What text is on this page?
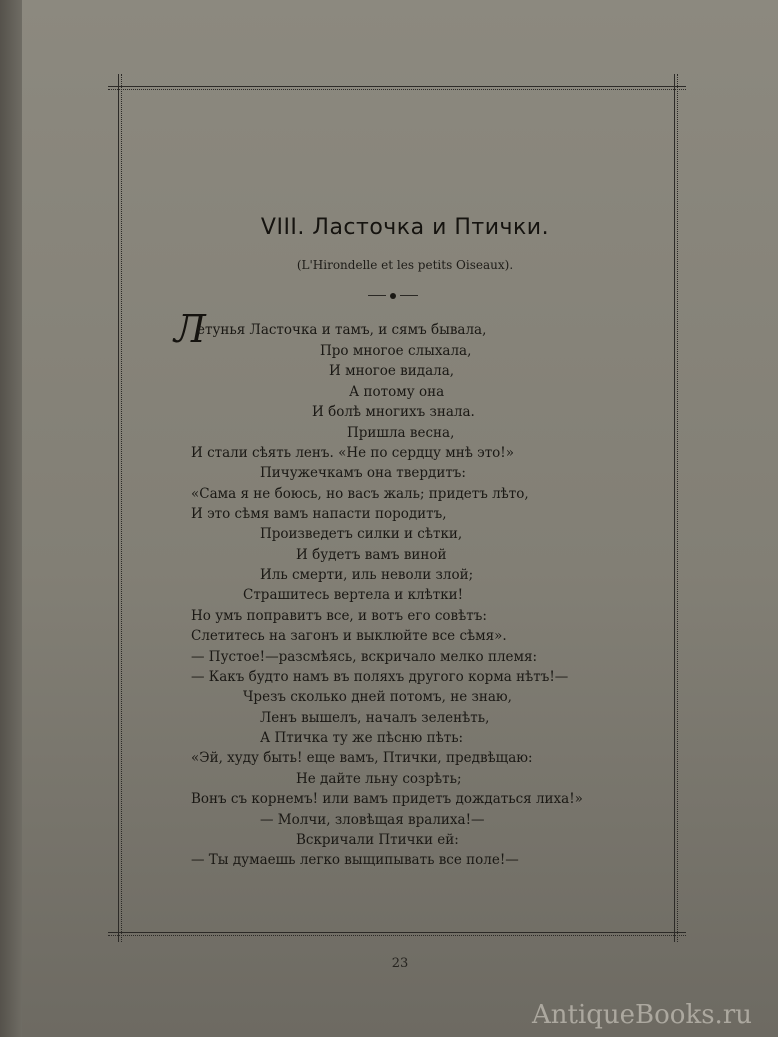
VIII. Ласточка и Птички.
(L'Hirondelle et les petits Oiseaux).
Л
етунья Ласточка и тамъ, и сямъ бывала,
Про многое слыхала,
И многое видала,
А потому она
И болѣ многихъ знала.
Пришла весна,
И стали сѣять ленъ. «Не по сердцу мнѣ это!»
Пичужечкамъ она твердитъ:
«Сама я не боюсь, но васъ жаль; придетъ лѣто,
И это сѣмя вамъ напасти породитъ,
Произведетъ силки и сѣтки,
И будетъ вамъ виной
Иль смерти, иль неволи злой;
Страшитесь вертела и клѣтки!
Но умъ поправитъ все, и вотъ его совѣтъ:
Слетитесь на загонъ и выклюйте все сѣмя».
— Пустое!—разсмѣясь, вскричало мелко племя:
— Какъ будто намъ въ поляхъ другого корма нѣтъ!—
Чрезъ сколько дней потомъ, не знаю,
Ленъ вышелъ, началъ зеленѣть,
А Птичка ту же пѣсню пѣть:
«Эй, худу быть! еще вамъ, Птички, предвѣщаю:
Не дайте льну созрѣть;
Вонъ съ корнемъ! или вамъ придетъ дождаться лиха!»
— Молчи, зловѣщая вралиха!—
Вскричали Птички ей:
— Ты думаешь легко выщипывать все поле!—
23
AntiqueBooks.ru
